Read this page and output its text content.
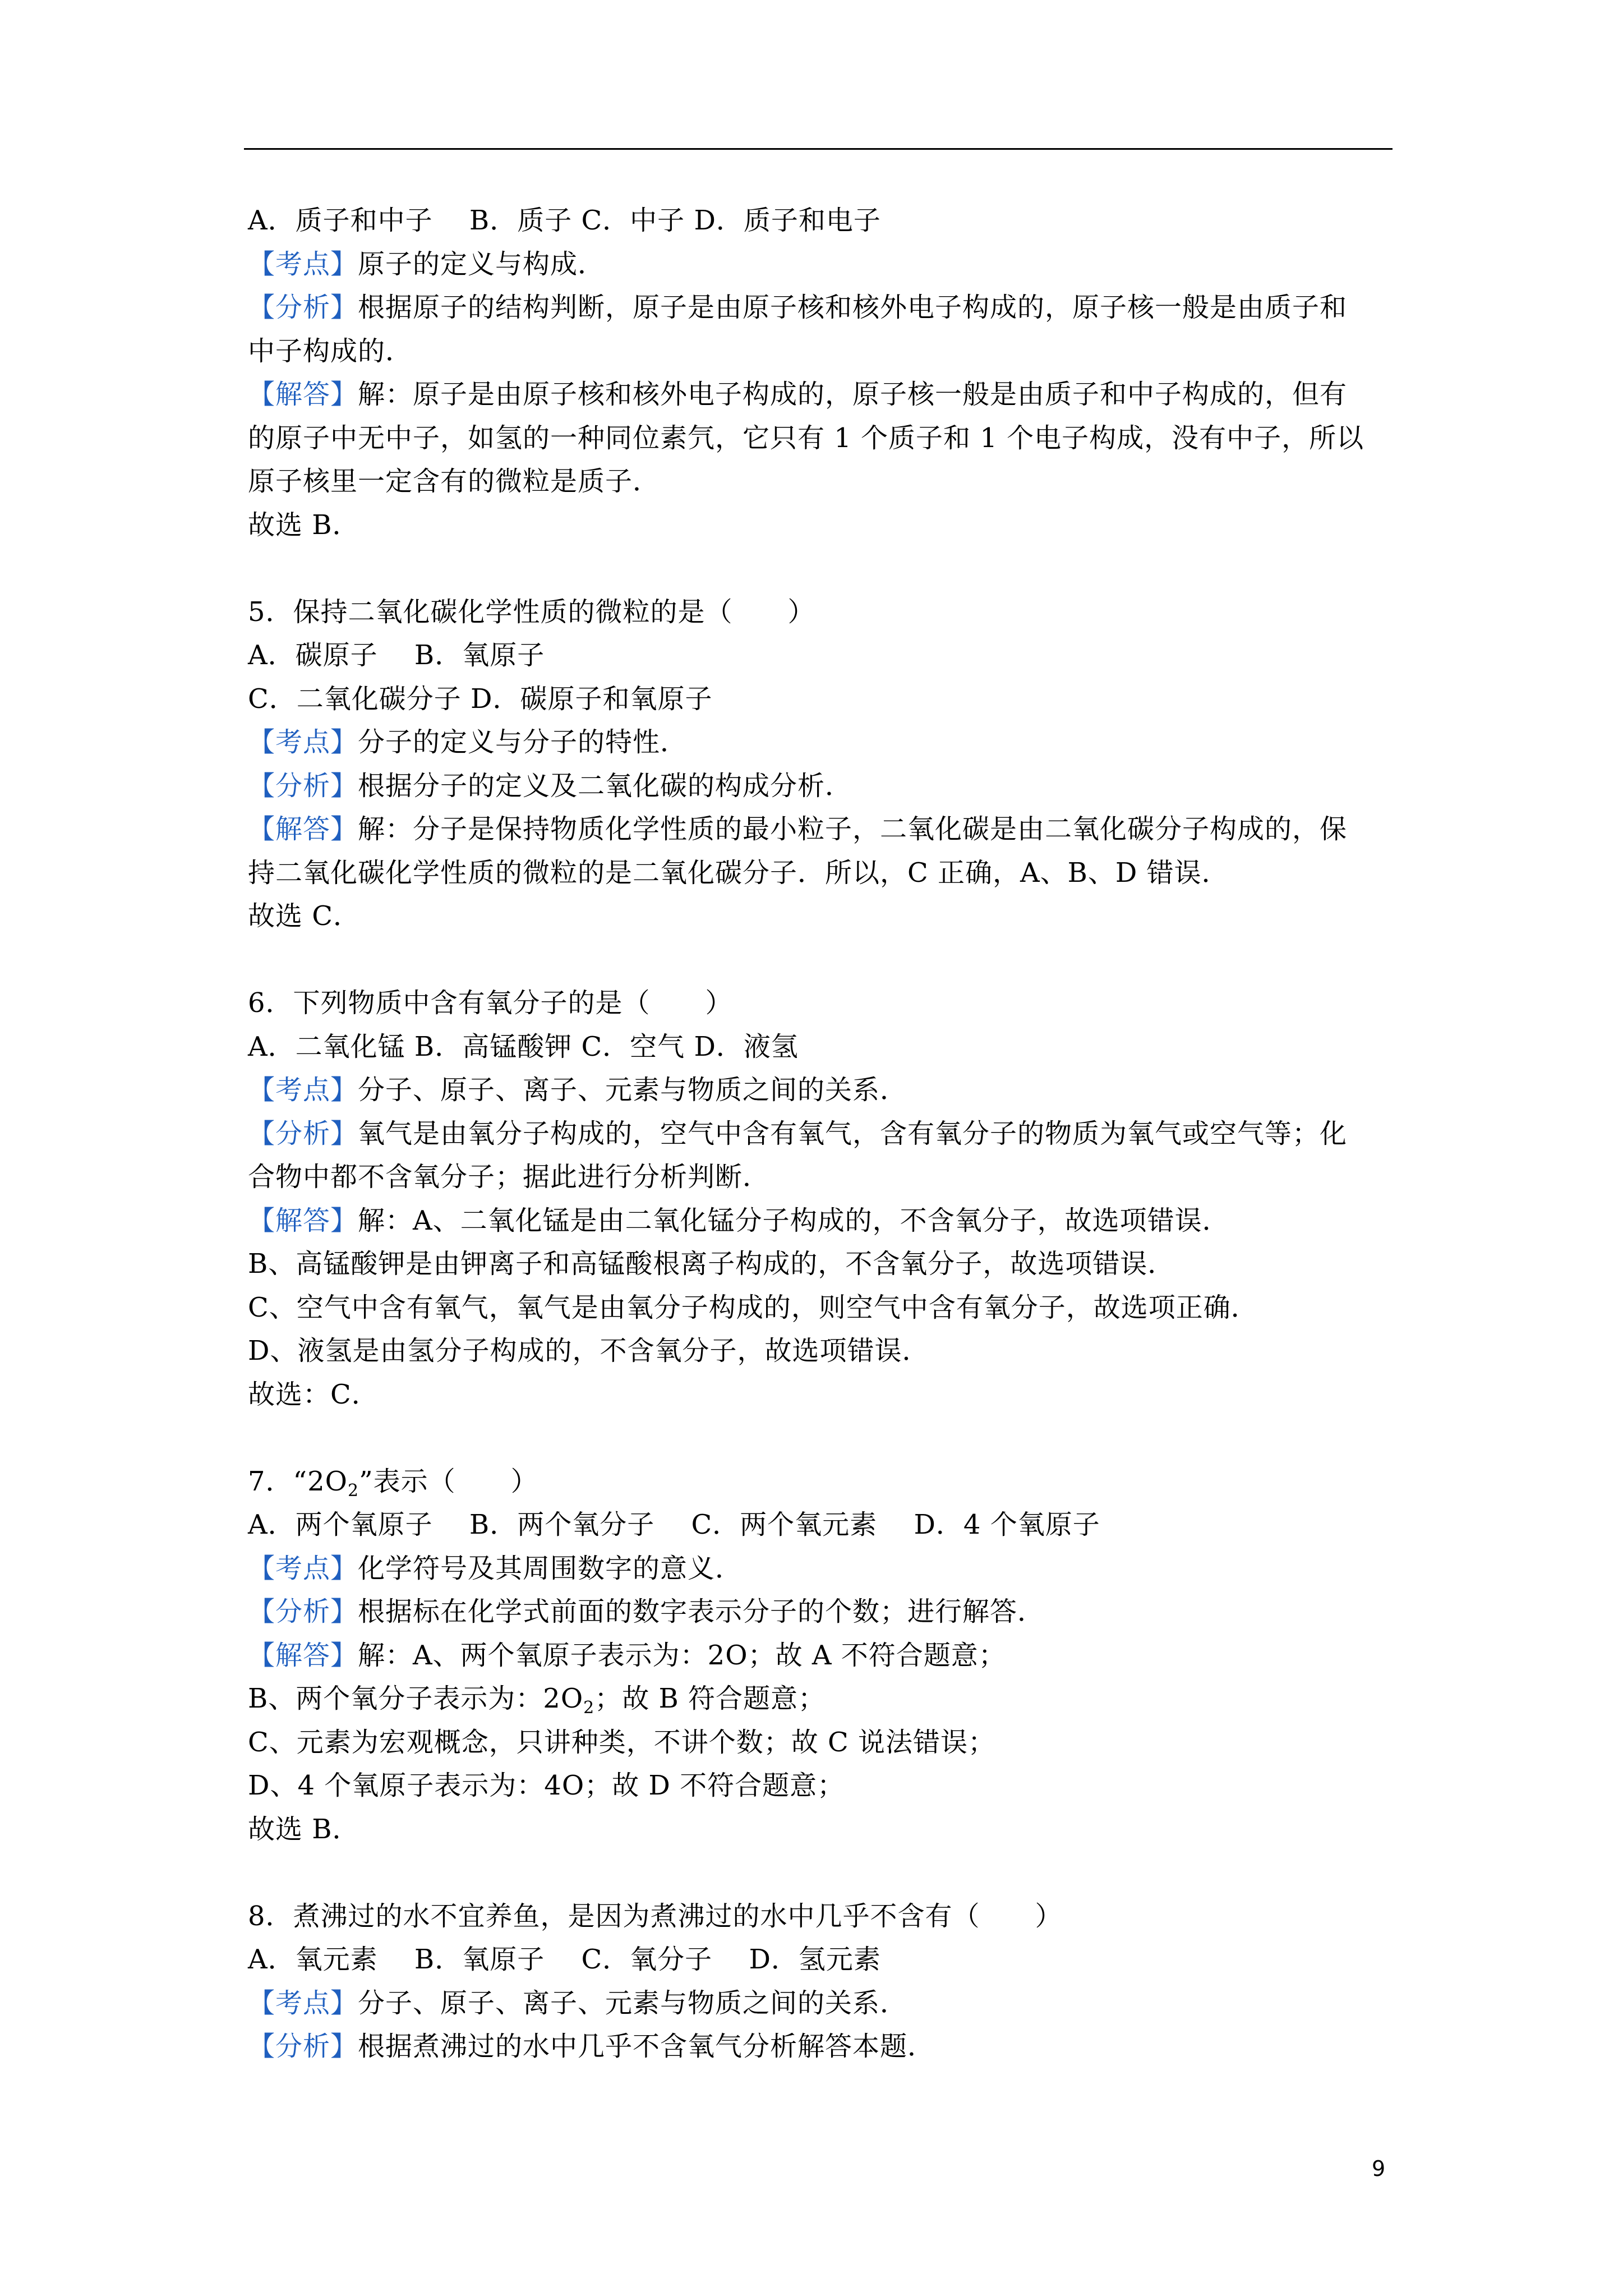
A．质子和中子　 B．质子 C．中子 D．质子和电子
【考点】原子的定义与构成．
【分析】根据原子的结构判断，原子是由原子核和核外电子构成的，原子核一般是由质子和
中子构成的．
【解答】解：原子是由原子核和核外电子构成的，原子核一般是由质子和中子构成的，但有
的原子中无中子，如氢的一种同位素氕，它只有 1 个质子和 1 个电子构成，没有中子，所以
原子核里一定含有的微粒是质子．
故选 B．
5．保持二氧化碳化学性质的微粒的是（　　）
A．碳原子　 B．氧原子
C．二氧化碳分子 D．碳原子和氧原子
【考点】分子的定义与分子的特性．
【分析】根据分子的定义及二氧化碳的构成分析．
【解答】解：分子是保持物质化学性质的最小粒子，二氧化碳是由二氧化碳分子构成的，保
持二氧化碳化学性质的微粒的是二氧化碳分子．所以，C 正确，A、B、D 错误．
故选 C．
6．下列物质中含有氧分子的是（　　）
A．二氧化锰 B．高锰酸钾 C．空气 D．液氢
【考点】分子、原子、离子、元素与物质之间的关系．
【分析】氧气是由氧分子构成的，空气中含有氧气，含有氧分子的物质为氧气或空气等；化
合物中都不含氧分子；据此进行分析判断．
【解答】解：A、二氧化锰是由二氧化锰分子构成的，不含氧分子，故选项错误．
B、高锰酸钾是由钾离子和高锰酸根离子构成的，不含氧分子，故选项错误．
C、空气中含有氧气，氧气是由氧分子构成的，则空气中含有氧分子，故选项正确．
D、液氢是由氢分子构成的，不含氧分子，故选项错误．
故选：C．
7．“$2O_2$”表示（　　）
A．两个氧原子　 B．两个氧分子　 C．两个氧元素　 D．4 个氧原子
【考点】化学符号及其周围数字的意义．
【分析】根据标在化学式前面的数字表示分子的个数；进行解答．
【解答】解：A、两个氧原子表示为：2O；故 A 不符合题意；
B、两个氧分子表示为：$2O_2$；故 B 符合题意；
C、元素为宏观概念，只讲种类，不讲个数；故 C 说法错误；
D、4 个氧原子表示为：4O；故 D 不符合题意；
故选 B．
8．煮沸过的水不宜养鱼，是因为煮沸过的水中几乎不含有（　　）
A．氧元素　 B．氧原子　 C．氧分子　 D．氢元素
【考点】分子、原子、离子、元素与物质之间的关系．
【分析】根据煮沸过的水中几乎不含氧气分析解答本题．
9
